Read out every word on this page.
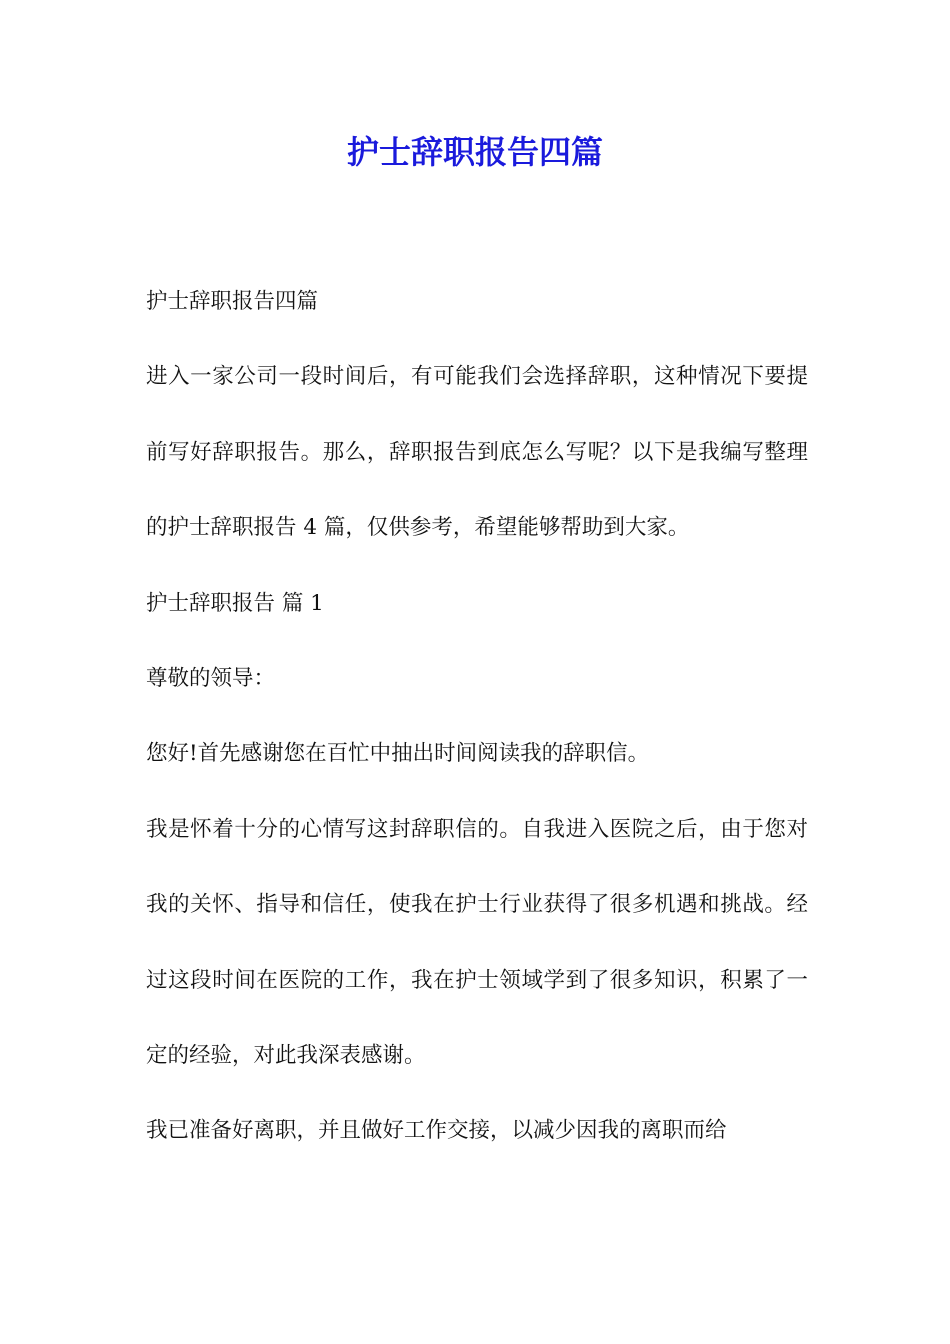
护士辞职报告四篇

护士辞职报告四篇

进入一家公司一段时间后，有可能我们会选择辞职，这种情况下要提前写好辞职报告。那么，辞职报告到底怎么写呢？以下是我编写整理的护士辞职报告 4 篇，仅供参考，希望能够帮助到大家。

护士辞职报告 篇 1

尊敬的领导：

您好!首先感谢您在百忙中抽出时间阅读我的辞职信。

我是怀着十分的心情写这封辞职信的。自我进入医院之后，由于您对我的关怀、指导和信任，使我在护士行业获得了很多机遇和挑战。经过这段时间在医院的工作，我在护士领域学到了很多知识，积累了一定的经验，对此我深表感谢。

我已准备好离职，并且做好工作交接，以减少因我的离职而给
